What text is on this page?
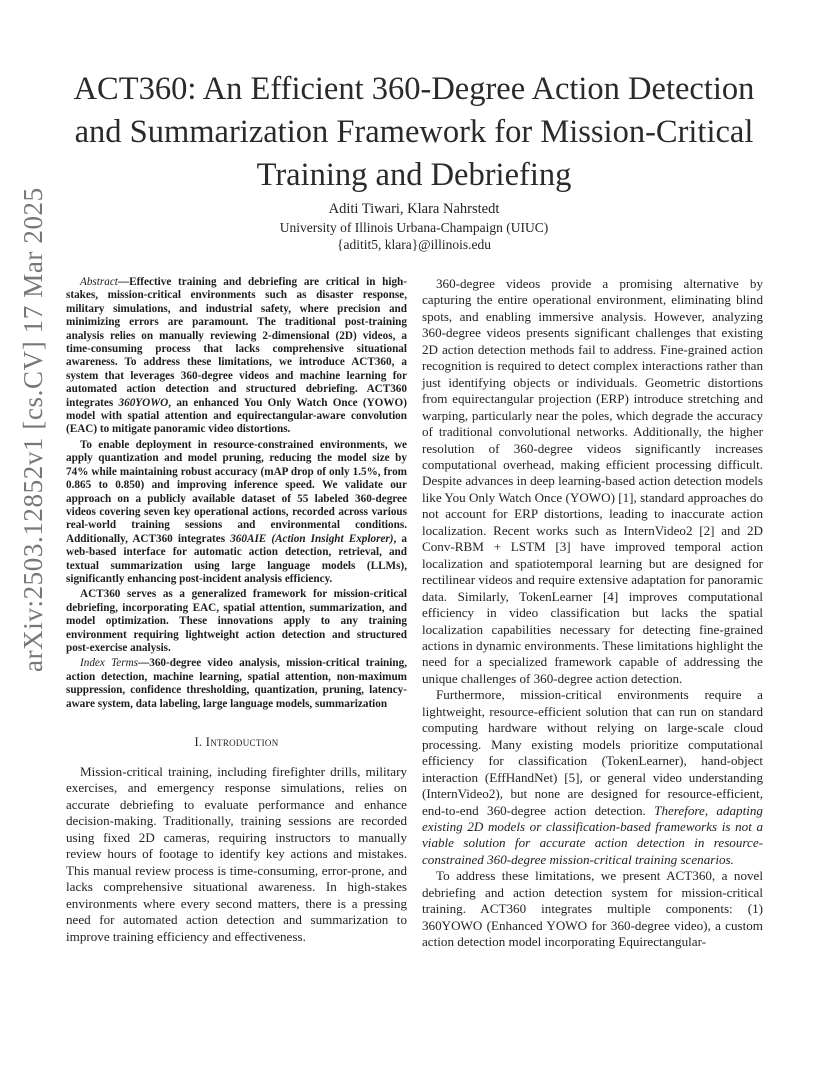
ACT360: An Efficient 360-Degree Action Detection and Summarization Framework for Mission-Critical Training and Debriefing
Aditi Tiwari, Klara Nahrstedt
University of Illinois Urbana-Champaign (UIUC)
{aditit5, klara}@illinois.edu
arXiv:2503.12852v1 [cs.CV] 17 Mar 2025	Abstract—Effective training and debriefing are critical in high-stakes, mission-critical environments such as disaster response, military simulations, and industrial safety, where precision and minimizing errors are paramount. The traditional post-training analysis relies on manually reviewing 2-dimensional (2D) videos, a time-consuming process that lacks comprehensive situational awareness. To address these limitations, we introduce ACT360, a system that leverages 360-degree videos and machine learning for automated action detection and structured debriefing. ACT360 integrates 360YOWO, an enhanced You Only Watch Once (YOWO) model with spatial attention and equirectangular-aware convolution (EAC) to mitigate panoramic video distortions.

To enable deployment in resource-constrained environments, we apply quantization and model pruning, reducing the model size by 74% while maintaining robust accuracy (mAP drop of only 1.5%, from 0.865 to 0.850) and improving inference speed. We validate our approach on a publicly available dataset of 55 labeled 360-degree videos covering seven key operational actions, recorded across various real-world training sessions and environmental conditions. Additionally, ACT360 integrates 360AIE (Action Insight Explorer), a web-based interface for automatic action detection, retrieval, and textual summarization using large language models (LLMs), significantly enhancing post-incident analysis efficiency.

ACT360 serves as a generalized framework for mission-critical debriefing, incorporating EAC, spatial attention, summarization, and model optimization. These innovations apply to any training environment requiring lightweight action detection and structured post-exercise analysis.

Index Terms—360-degree video analysis, mission-critical training, action detection, machine learning, spatial attention, non-maximum suppression, confidence thresholding, quantization, pruning, latency-aware system, data labeling, large language models, summarization

I. Introduction

Mission-critical training, including firefighter drills, military exercises, and emergency response simulations, relies on accurate debriefing to evaluate performance and enhance decision-making. Traditionally, training sessions are recorded using fixed 2D cameras, requiring instructors to manually review hours of footage to identify key actions and mistakes. This manual review process is time-consuming, error-prone, and lacks comprehensive situational awareness. In high-stakes environments where every second matters, there is a pressing need for automated action detection and summarization to improve training efficiency and effectiveness.

360-degree videos provide a promising alternative by capturing the entire operational environment, eliminating blind spots, and enabling immersive analysis. However, analyzing 360-degree videos presents significant challenges that existing 2D action detection methods fail to address. Fine-grained action recognition is required to detect complex interactions rather than just identifying objects or individuals. Geometric distortions from equirectangular projection (ERP) introduce stretching and warping, particularly near the poles, which degrade the accuracy of traditional convolutional networks. Additionally, the higher resolution of 360-degree videos significantly increases computational overhead, making efficient processing difficult. Despite advances in deep learning-based action detection models like You Only Watch Once (YOWO) [1], standard approaches do not account for ERP distortions, leading to inaccurate action localization. Recent works such as InternVideo2 [2] and 2D Conv-RBM + LSTM [3] have improved temporal action localization and spatiotemporal learning but are designed for rectilinear videos and require extensive adaptation for panoramic data. Similarly, TokenLearner [4] improves computational efficiency in video classification but lacks the spatial localization capabilities necessary for detecting fine-grained actions in dynamic environments. These limitations highlight the need for a specialized framework capable of addressing the unique challenges of 360-degree action detection.

Furthermore, mission-critical environments require a lightweight, resource-efficient solution that can run on standard computing hardware without relying on large-scale cloud processing. Many existing models prioritize computational efficiency for classification (TokenLearner), hand-object interaction (EffHandNet) [5], or general video understanding (InternVideo2), but none are designed for resource-efficient, end-to-end 360-degree action detection. Therefore, adapting existing 2D models or classification-based frameworks is not a viable solution for accurate action detection in resource-constrained 360-degree mission-critical training scenarios.

To address these limitations, we present ACT360, a novel debriefing and action detection system for mission-critical training. ACT360 integrates multiple components: (1) 360YOWO (Enhanced YOWO for 360-degree video), a custom action detection model incorporating Equirectangular-
